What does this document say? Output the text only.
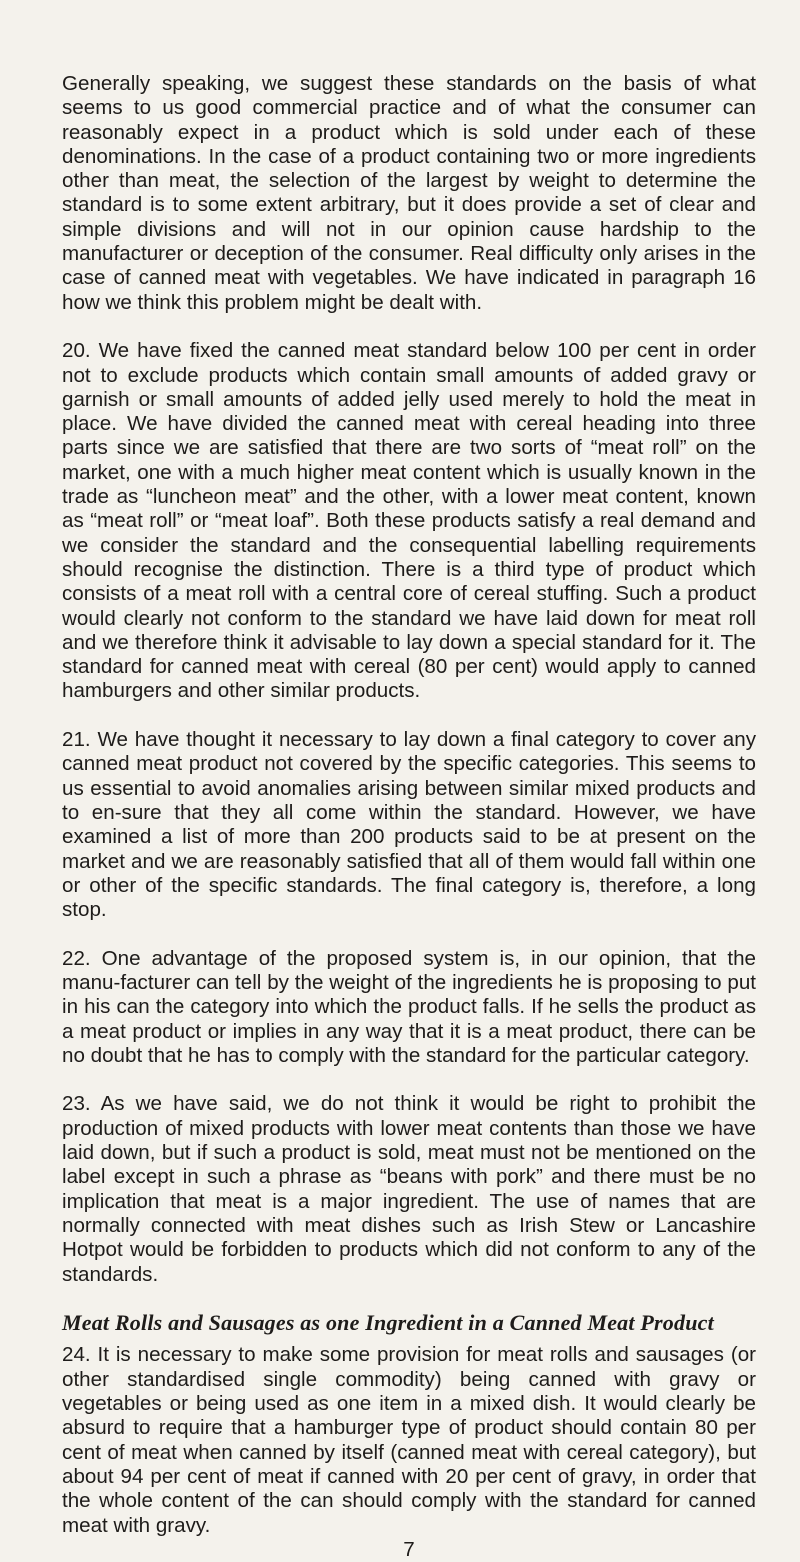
Generally speaking, we suggest these standards on the basis of what seems to us good commercial practice and of what the consumer can reasonably expect in a product which is sold under each of these denominations. In the case of a product containing two or more ingredients other than meat, the selection of the largest by weight to determine the standard is to some extent arbitrary, but it does provide a set of clear and simple divisions and will not in our opinion cause hardship to the manufacturer or deception of the consumer. Real difficulty only arises in the case of canned meat with vegetables. We have indicated in paragraph 16 how we think this problem might be dealt with.

20. We have fixed the canned meat standard below 100 per cent in order not to exclude products which contain small amounts of added gravy or garnish or small amounts of added jelly used merely to hold the meat in place. We have divided the canned meat with cereal heading into three parts since we are satisfied that there are two sorts of “meat roll” on the market, one with a much higher meat content which is usually known in the trade as “luncheon meat” and the other, with a lower meat content, known as “meat roll” or “meat loaf”. Both these products satisfy a real demand and we consider the standard and the consequential labelling requirements should recognise the distinction. There is a third type of product which consists of a meat roll with a central core of cereal stuffing. Such a product would clearly not conform to the standard we have laid down for meat roll and we therefore think it advisable to lay down a special standard for it. The standard for canned meat with cereal (80 per cent) would apply to canned hamburgers and other similar products.

21. We have thought it necessary to lay down a final category to cover any canned meat product not covered by the specific categories. This seems to us essential to avoid anomalies arising between similar mixed products and to en-sure that they all come within the standard. However, we have examined a list of more than 200 products said to be at present on the market and we are reasonably satisfied that all of them would fall within one or other of the specific standards. The final category is, therefore, a long stop.

22. One advantage of the proposed system is, in our opinion, that the manu-facturer can tell by the weight of the ingredients he is proposing to put in his can the category into which the product falls. If he sells the product as a meat product or implies in any way that it is a meat product, there can be no doubt that he has to comply with the standard for the particular category.

23. As we have said, we do not think it would be right to prohibit the production of mixed products with lower meat contents than those we have laid down, but if such a product is sold, meat must not be mentioned on the label except in such a phrase as “beans with pork” and there must be no implication that meat is a major ingredient. The use of names that are normally connected with meat dishes such as Irish Stew or Lancashire Hotpot would be forbidden to products which did not conform to any of the standards.

Meat Rolls and Sausages as one Ingredient in a Canned Meat Product

24. It is necessary to make some provision for meat rolls and sausages (or other standardised single commodity) being canned with gravy or vegetables or being used as one item in a mixed dish. It would clearly be absurd to require that a hamburger type of product should contain 80 per cent of meat when canned by itself (canned meat with cereal category), but about 94 per cent of meat if canned with 20 per cent of gravy, in order that the whole content of the can should comply with the standard for canned meat with gravy.

7
